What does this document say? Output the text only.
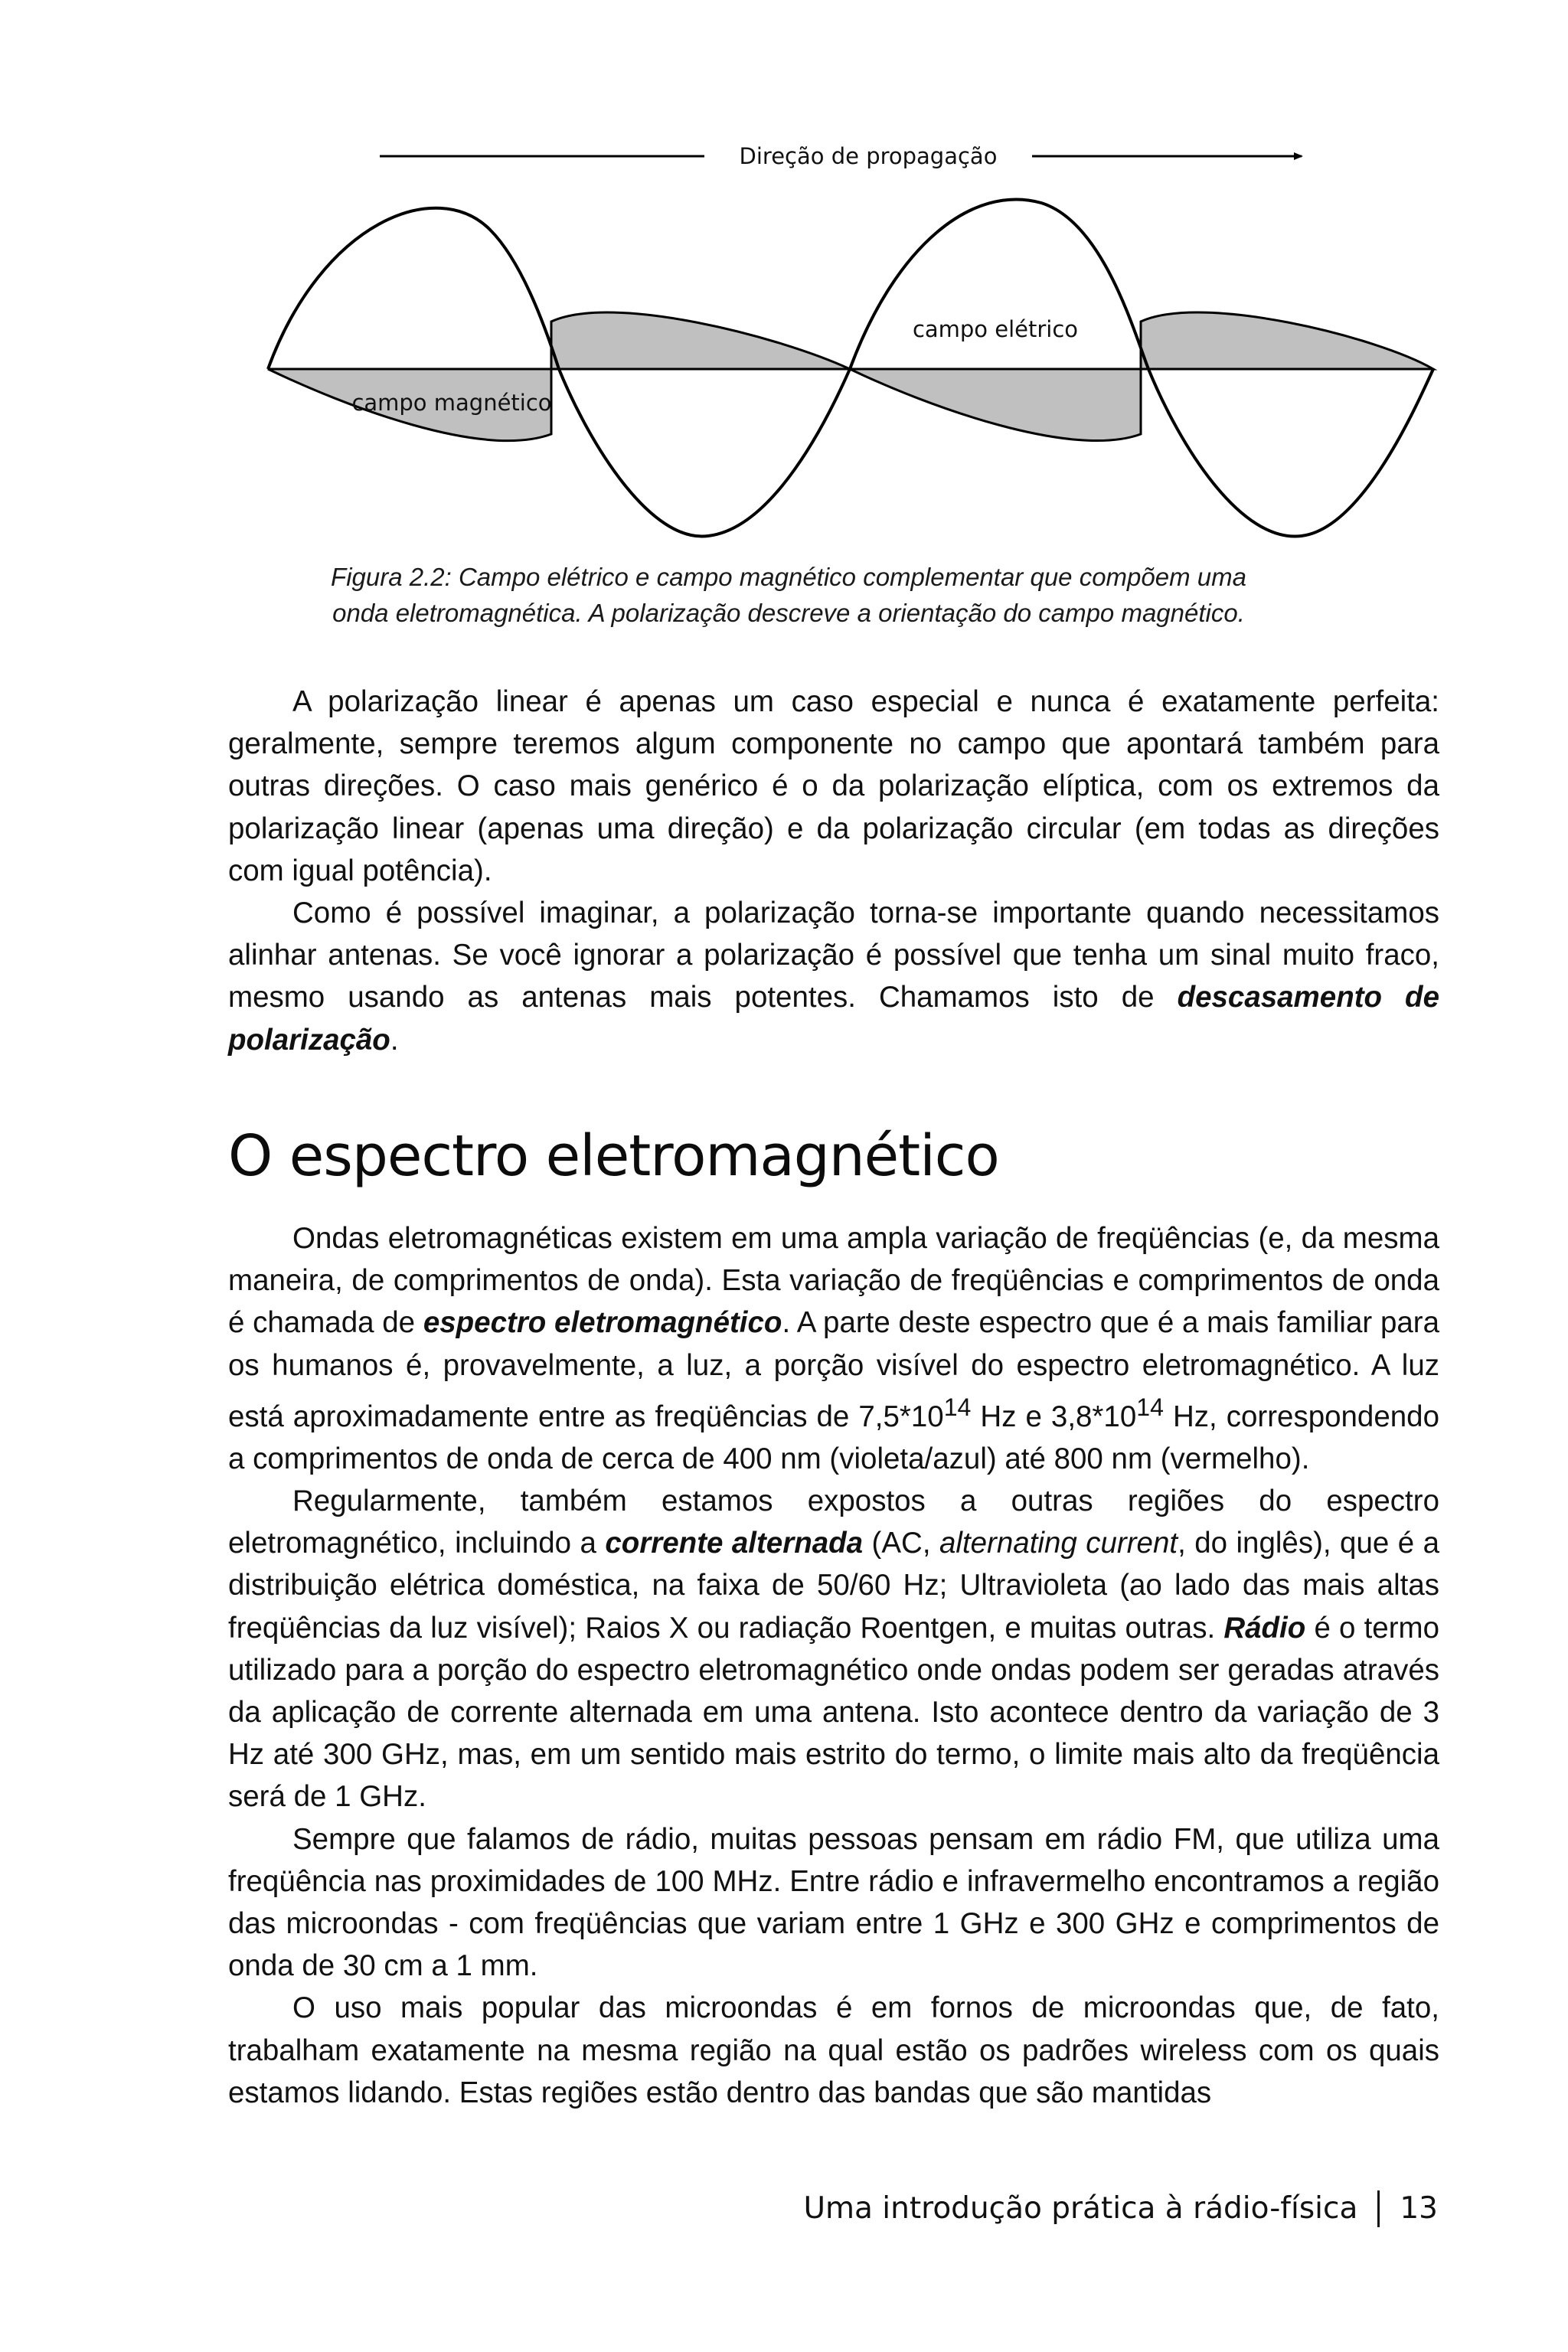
Direção de propagação
campo elétrico
campo magnético

Figura 2.2: Campo elétrico e campo magnético complementar que compõem uma

onda eletromagnética. A polarização descreve a orientação do campo magnético.

A polarização linear é apenas um caso especial e nunca é exatamente perfeita: geralmente, sempre teremos algum componente no campo que apontará também para outras direções. O caso mais genérico é o da polarização elíptica, com os extremos da polarização linear (apenas uma direção) e da polarização circular (em todas as direções com igual potência).

Como é possível imaginar, a polarização torna-se importante quando necessitamos alinhar antenas. Se você ignorar a polarização é possível que tenha um sinal muito fraco, mesmo usando as antenas mais potentes. Chamamos isto de descasamento de polarização.

O espectro eletromagnético

Ondas eletromagnéticas existem em uma ampla variação de freqüências (e, da mesma maneira, de comprimentos de onda). Esta variação de freqüências e comprimentos de onda é chamada de espectro eletromagnético. A parte deste espectro que é a mais familiar para os humanos é, provavelmente, a luz, a porção visível do espectro eletromagnético. A luz está aproximadamente entre as freqüências de $7,5*10^{14}$ Hz e $3,8*10^{14}$ Hz, correspondendo a comprimentos de onda de cerca de 400 nm (violeta/azul) até 800 nm (vermelho).

Regularmente, também estamos expostos a outras regiões do espectro eletromagnético, incluindo a corrente alternada (AC, alternating current, do inglês), que é a distribuição elétrica doméstica, na faixa de 50/60 Hz; Ultravioleta (ao lado das mais altas freqüências da luz visível); Raios X ou radiação Roentgen, e muitas outras. Rádio é o termo utilizado para a porção do espectro eletromagnético onde ondas podem ser geradas através da aplicação de corrente alternada em uma antena. Isto acontece dentro da variação de 3 Hz até 300 GHz, mas, em um sentido mais estrito do termo, o limite mais alto da freqüência será de 1 GHz.

Sempre que falamos de rádio, muitas pessoas pensam em rádio FM, que utiliza uma freqüência nas proximidades de 100 MHz. Entre rádio e infravermelho encontramos a região das microondas - com freqüências que variam entre 1 GHz e 300 GHz e comprimentos de onda de 30 cm a 1 mm.

O uso mais popular das microondas é em fornos de microondas que, de fato, trabalham exatamente na mesma região na qual estão os padrões wireless com os quais estamos lidando. Estas regiões estão dentro das bandas que são mantidas

Uma introdução prática à rádio-física 13
